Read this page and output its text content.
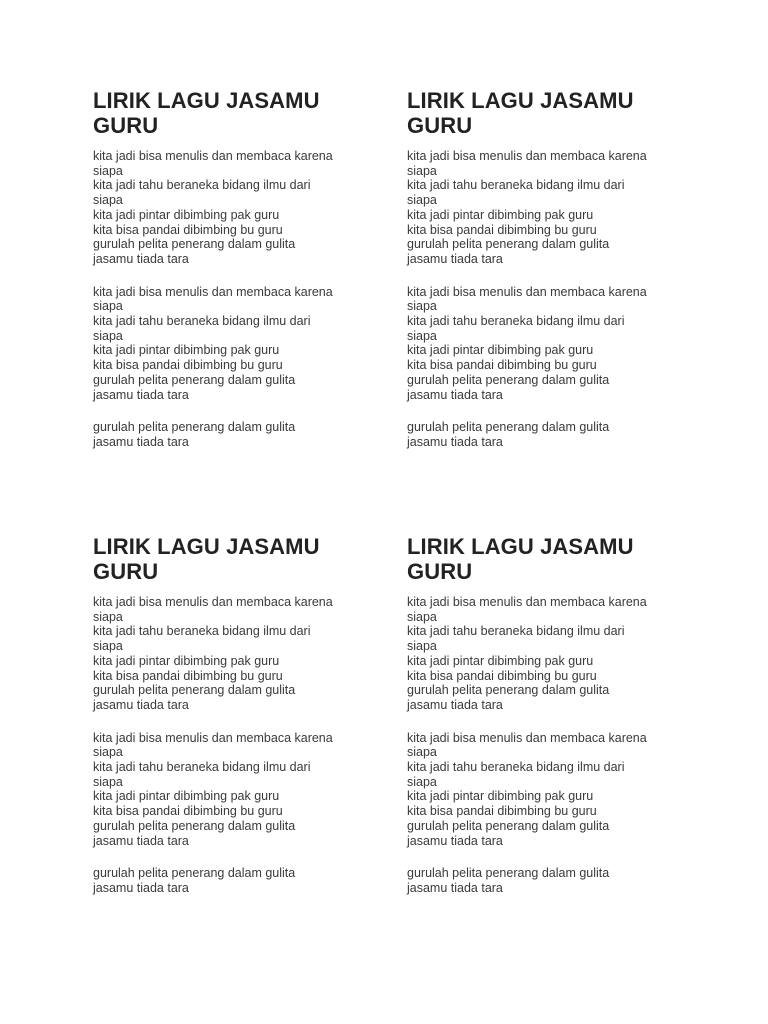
LIRIK LAGU JASAMU
GURU

kita jadi bisa menulis dan membaca karena
siapa
kita jadi tahu beraneka bidang ilmu dari
siapa
kita jadi pintar dibimbing pak guru
kita bisa pandai dibimbing bu guru
gurulah pelita penerang dalam gulita
jasamu tiada tara

kita jadi bisa menulis dan membaca karena
siapa
kita jadi tahu beraneka bidang ilmu dari
siapa
kita jadi pintar dibimbing pak guru
kita bisa pandai dibimbing bu guru
gurulah pelita penerang dalam gulita
jasamu tiada tara

gurulah pelita penerang dalam gulita
jasamu tiada tara

LIRIK LAGU JASAMU
GURU

kita jadi bisa menulis dan membaca karena
siapa
kita jadi tahu beraneka bidang ilmu dari
siapa
kita jadi pintar dibimbing pak guru
kita bisa pandai dibimbing bu guru
gurulah pelita penerang dalam gulita
jasamu tiada tara

kita jadi bisa menulis dan membaca karena
siapa
kita jadi tahu beraneka bidang ilmu dari
siapa
kita jadi pintar dibimbing pak guru
kita bisa pandai dibimbing bu guru
gurulah pelita penerang dalam gulita
jasamu tiada tara

gurulah pelita penerang dalam gulita
jasamu tiada tara

LIRIK LAGU JASAMU
GURU

kita jadi bisa menulis dan membaca karena
siapa
kita jadi tahu beraneka bidang ilmu dari
siapa
kita jadi pintar dibimbing pak guru
kita bisa pandai dibimbing bu guru
gurulah pelita penerang dalam gulita
jasamu tiada tara

kita jadi bisa menulis dan membaca karena
siapa
kita jadi tahu beraneka bidang ilmu dari
siapa
kita jadi pintar dibimbing pak guru
kita bisa pandai dibimbing bu guru
gurulah pelita penerang dalam gulita
jasamu tiada tara

gurulah pelita penerang dalam gulita
jasamu tiada tara

LIRIK LAGU JASAMU
GURU

kita jadi bisa menulis dan membaca karena
siapa
kita jadi tahu beraneka bidang ilmu dari
siapa
kita jadi pintar dibimbing pak guru
kita bisa pandai dibimbing bu guru
gurulah pelita penerang dalam gulita
jasamu tiada tara

kita jadi bisa menulis dan membaca karena
siapa
kita jadi tahu beraneka bidang ilmu dari
siapa
kita jadi pintar dibimbing pak guru
kita bisa pandai dibimbing bu guru
gurulah pelita penerang dalam gulita
jasamu tiada tara

gurulah pelita penerang dalam gulita
jasamu tiada tara
